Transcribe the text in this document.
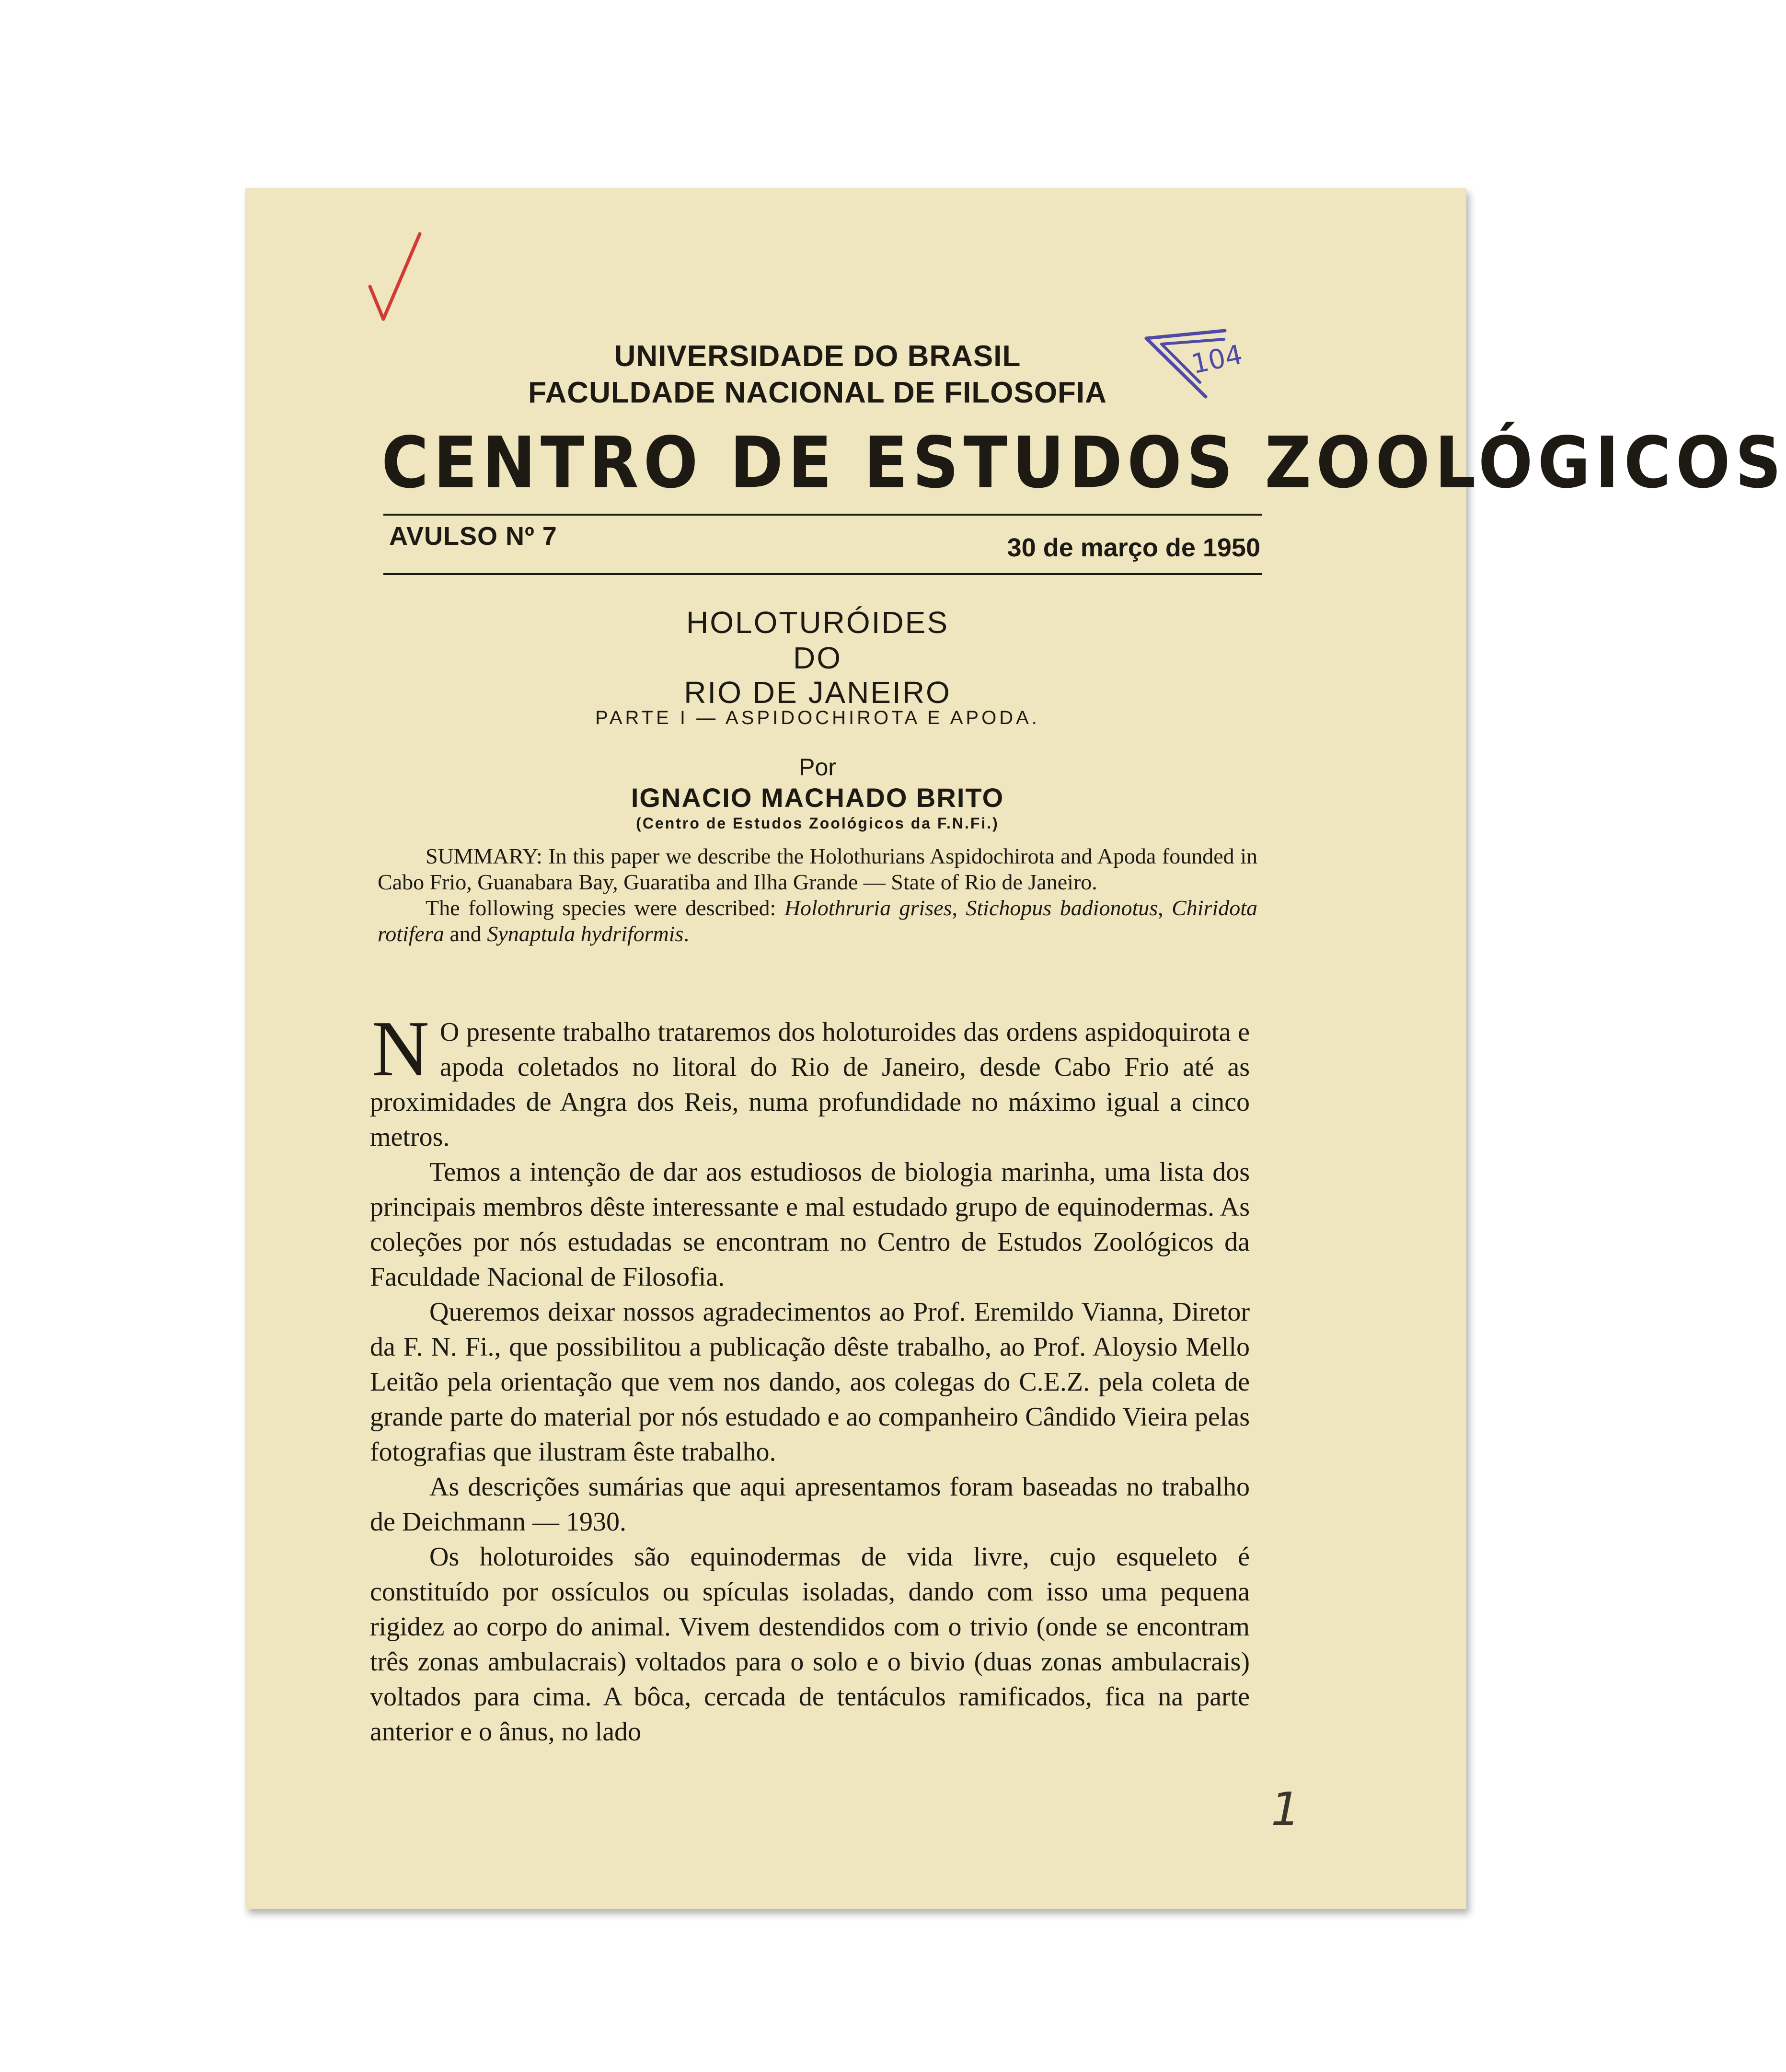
104

UNIVERSIDADE DO BRASIL

FACULDADE NACIONAL DE FILOSOFIA

CENTRO DE ESTUDOS ZOOLÓGICOS

AVULSO Nº 7	30 de março de 1950

HOLOTURÓIDES

DO

RIO DE JANEIRO

PARTE I — ASPIDOCHIROTA E APODA.

Por

IGNACIO MACHADO BRITO

(Centro de Estudos Zoológicos da F.N.Fi.)

SUMMARY: In this paper we describe the Holothurians Aspidochirota and Apoda founded in Cabo Frio, Guanabara Bay, Guaratiba and Ilha Grande — State of Rio de Janeiro.

The following species were described: Holothruria grises, Stichopus badionotus, Chiridota rotifera and Synaptula hydriformis.

N O presente trabalho trataremos dos holoturoides das ordens aspidoquirota e apoda coletados no litoral do Rio de Janeiro, desde Cabo Frio até as proximidades de Angra dos Reis, numa profundidade no máximo igual a cinco metros.

Temos a intenção de dar aos estudiosos de biologia marinha, uma lista dos principais membros dêste interessante e mal estudado grupo de equinodermas. As coleções por nós estudadas se encontram no Centro de Estudos Zoológicos da Faculdade Nacional de Filosofia.

Queremos deixar nossos agradecimentos ao Prof. Eremildo Vianna, Diretor da F. N. Fi., que possibilitou a publicação dêste trabalho, ao Prof. Aloysio Mello Leitão pela orientação que vem nos dando, aos colegas do C.E.Z. pela coleta de grande parte do material por nós estudado e ao companheiro Cândido Vieira pelas fotografias que ilustram êste trabalho.

As descrições sumárias que aqui apresentamos foram baseadas no trabalho de Deichmann — 1930.

Os holoturoides são equinodermas de vida livre, cujo esqueleto é constituído por ossículos ou spículas isoladas, dando com isso uma pequena rigidez ao corpo do animal. Vivem destendidos com o trivio (onde se encontram três zonas ambulacrais) voltados para o solo e o bivio (duas zonas ambulacrais) voltados para cima. A bôca, cercada de tentáculos ramificados, fica na parte anterior e o ânus, no lado

1
